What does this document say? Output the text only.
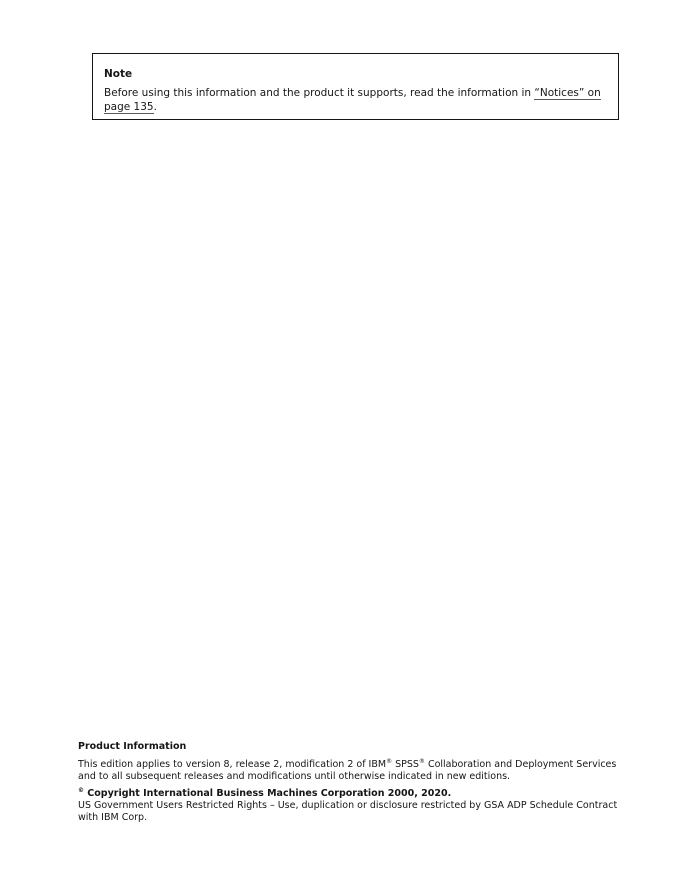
Note

Before using this information and the product it supports, read the information in “Notices” on page 135.

Product Information

This edition applies to version 8, release 2, modification 2 of IBM® SPSS® Collaboration and Deployment Services and to all subsequent releases and modifications until otherwise indicated in new editions.

© Copyright International Business Machines Corporation 2000, 2020.

US Government Users Restricted Rights – Use, duplication or disclosure restricted by GSA ADP Schedule Contract with IBM Corp.
